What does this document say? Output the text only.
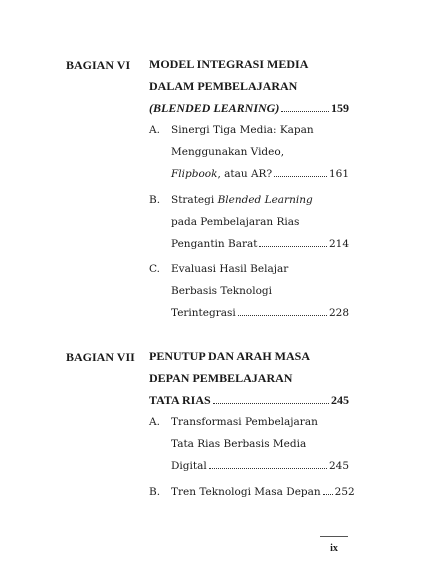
BAGIAN VI MODEL INTEGRASI MEDIA
DALAM PEMBELAJARAN
(BLENDED LEARNING)	159
A.	Sinergi Tiga Media: Kapan
Menggunakan Video,
Flipbook , atau AR?	161
B.	Strategi
Blended Learning
pada Pembelajaran Rias
Pengantin Barat	214
C.	Evaluasi Hasil Belajar
Berbasis Teknologi
Terintegrasi	228
BAGIAN VII PENUTUP DAN ARAH MASA
DEPAN PEMBELAJARAN
TATA RIAS	245
A.	Transformasi Pembelajaran
Tata Rias Berbasis Media
Digital	245
B.	Tren Teknologi Masa Depan 252
ix
